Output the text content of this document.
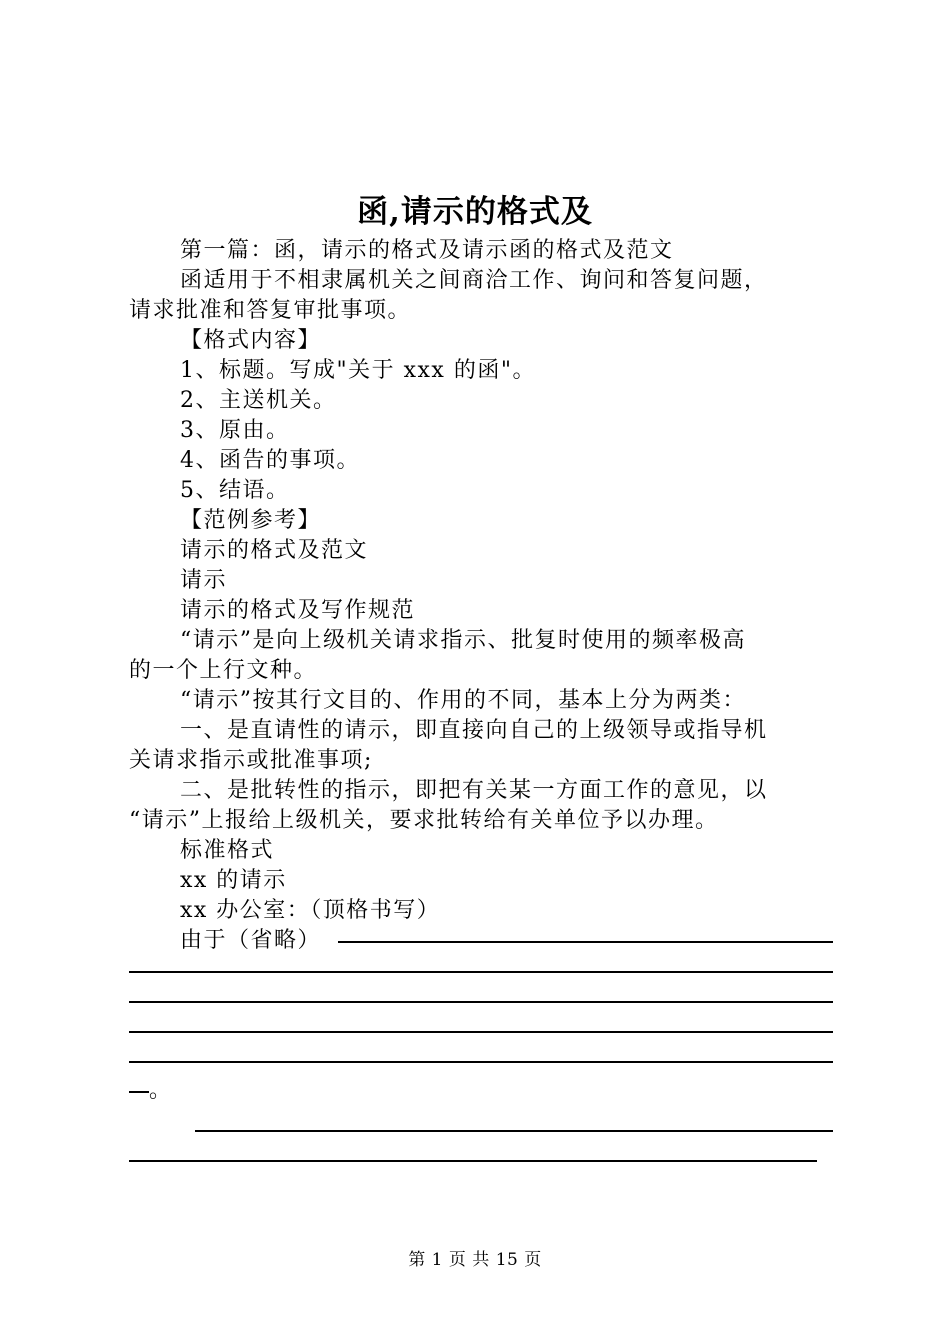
函,请示的格式及
第一篇：函，请示的格式及请示函的格式及范文
函适用于不相隶属机关之间商洽工作、询问和答复问题，
请求批准和答复审批事项。
【格式内容】
1、标题。写成"关于 xxx 的函"。
2、主送机关。
3、原由。
4、函告的事项。
5、结语。
【范例参考】
请示的格式及范文
请示
请示的格式及写作规范
“请示”是向上级机关请求指示、批复时使用的频率极高
的一个上行文种。
“请示”按其行文目的、作用的不同，基本上分为两类：
一、是直请性的请示，即直接向自己的上级领导或指导机
关请求指示或批准事项;
二、是批转性的指示，即把有关某一方面工作的意见，以
“请示”上报给上级机关，要求批转给有关单位予以办理。
标准格式
xx 的请示
xx 办公室：（顶格书写）
由于（省略）
。
第 1 页 共 15 页
